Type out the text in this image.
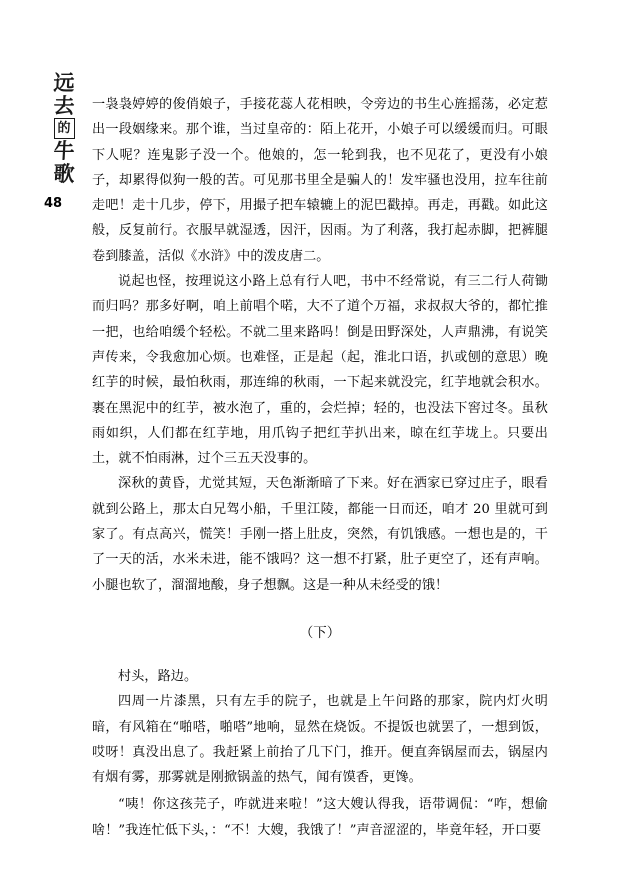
远
去
的
牛
歌
48

一袅袅婷婷的俊俏娘子，手接花蕊人花相映，令旁边的书生心旌摇荡，必定惹出一段姻缘来。那个谁，当过皇帝的：陌上花开，小娘子可以缓缓而归。可眼下人呢？连鬼影子没一个。他娘的，怎一轮到我，也不见花了，更没有小娘子，却累得似狗一般的苦。可见那书里全是骗人的！发牢骚也没用，拉车往前走吧！走十几步，停下，用撮子把车辕辘上的泥巴戳掉。再走，再戳。如此这般，反复前行。衣服早就湿透，因汗，因雨。为了利落，我打起赤脚，把裤腿卷到膝盖，活似《水浒》中的泼皮唐二。

说起也怪，按理说这小路上总有行人吧，书中不经常说，有三二行人荷锄而归吗？那多好啊，咱上前唱个喏，大不了道个万福，求叔叔大爷的，都忙推一把，也给咱缓个轻松。不就二里来路吗！倒是田野深处，人声鼎沸，有说笑声传来，令我愈加心烦。也难怪，正是起（起，淮北口语，扒或刨的意思）晚红芋的时候，最怕秋雨，那连绵的秋雨，一下起来就没完，红芋地就会积水。裹在黑泥中的红芋，被水泡了，重的，会烂掉；轻的，也没法下窖过冬。虽秋雨如织，人们都在红芋地，用爪钩子把红芋扒出来，晾在红芋垅上。只要出土，就不怕雨淋，过个三五天没事的。

深秋的黄昏，尤觉其短，天色渐渐暗了下来。好在洒家已穿过庄子，眼看就到公路上，那太白兄驾小船，千里江陵，都能一日而还，咱才 20 里就可到家了。有点高兴，慌笑！手刚一搭上肚皮，突然，有饥饿感。一想也是的，干了一天的活，水米未进，能不饿吗？这一想不打紧，肚子更空了，还有声响。小腿也软了，溜溜地酸，身子想飘。这是一种从未经受的饿！

（下）

村头，路边。

四周一片漆黑，只有左手的院子，也就是上午问路的那家，院内灯火明暗，有风箱在“啪嗒，啪嗒”地响，显然在烧饭。不提饭也就罢了，一想到饭，哎呀！真没出息了。我赶紧上前抬了几下门，推开。便直奔锅屋而去，锅屋内有烟有雾，那雾就是刚掀锅盖的热气，闻有馍香，更馋。

“咦！你这孩芫子，咋就进来啦！”这大嫂认得我，语带调侃：“咋，想偷啥！”我连忙低下头，：“不！大嫂，我饿了！”声音涩涩的，毕竟年轻，开口要
